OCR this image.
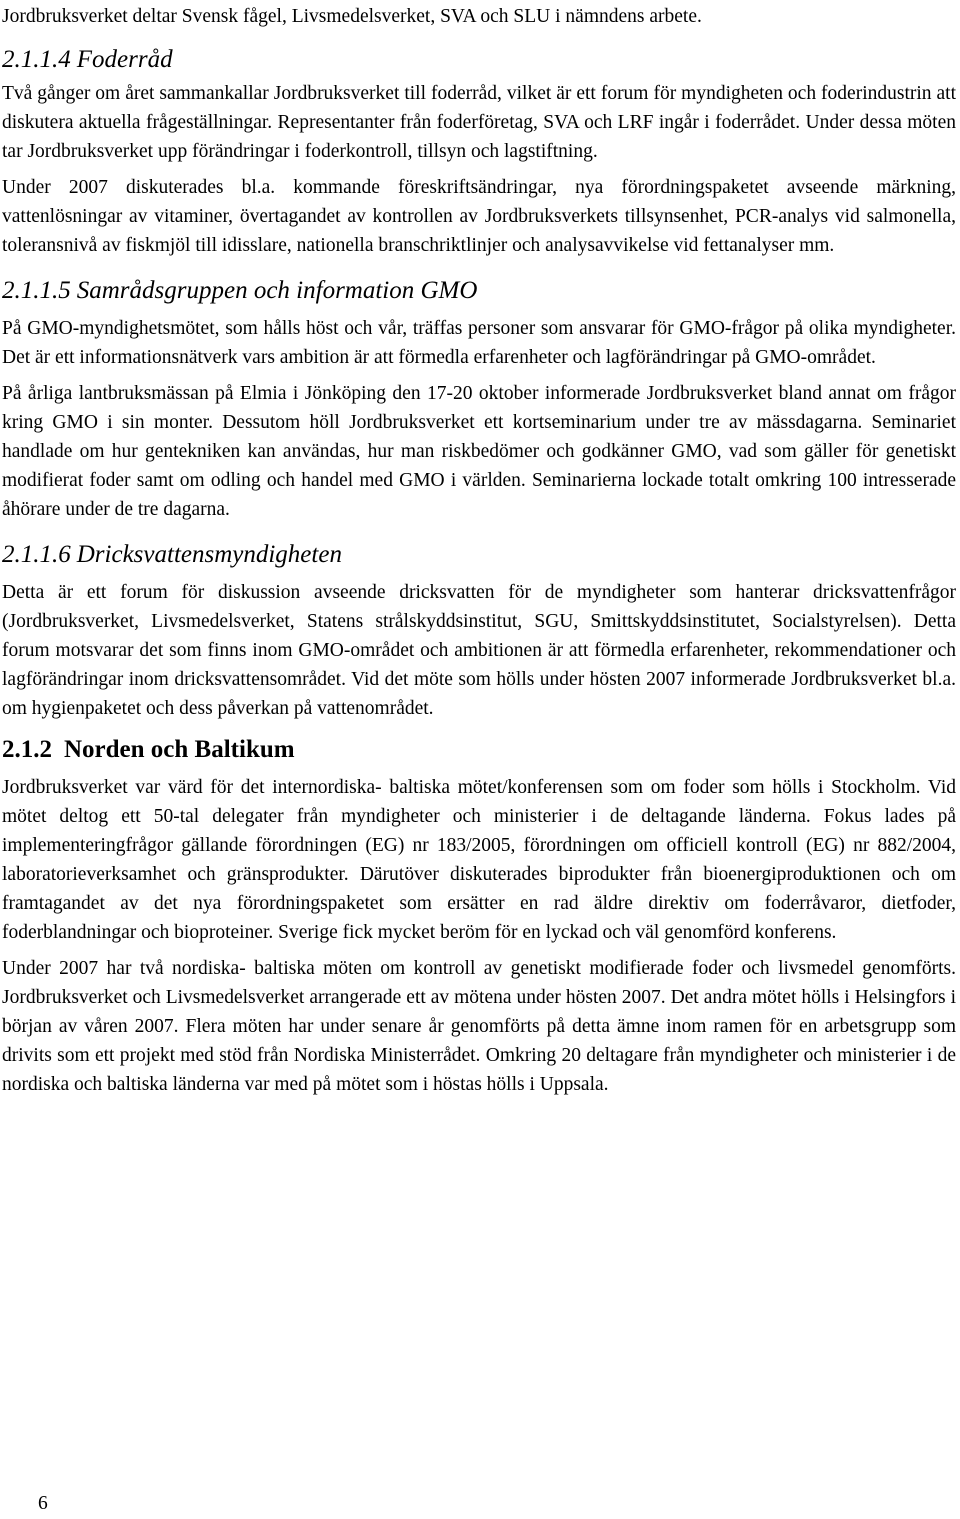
Jordbruksverket deltar Svensk fågel, Livsmedelsverket, SVA och SLU i nämndens arbete.

2.1.1.4 Foderråd

Två gånger om året sammankallar Jordbruksverket till foderråd, vilket är ett forum för myndigheten och foderindustrin att diskutera aktuella frågeställningar. Representanter från foderföretag, SVA och LRF ingår i foderrådet. Under dessa möten tar Jordbruksverket upp förändringar i foderkontroll, tillsyn och lagstiftning.

Under 2007 diskuterades bl.a. kommande föreskriftsändringar, nya förordningspaketet avseende märkning, vattenlösningar av vitaminer, övertagandet av kontrollen av Jordbruksverkets tillsynsenhet, PCR-analys vid salmonella, toleransnivå av fiskmjöl till idisslare, nationella branschriktlinjer och analysavvikelse vid fettanalyser mm.

2.1.1.5 Samrådsgruppen och information GMO

På GMO-myndighetsmötet, som hålls höst och vår, träffas personer som ansvarar för GMO-frågor på olika myndigheter. Det är ett informationsnätverk vars ambition är att förmedla erfarenheter och lagförändringar på GMO-området.

På årliga lantbruksmässan på Elmia i Jönköping den 17-20 oktober informerade Jordbruksverket bland annat om frågor kring GMO i sin monter. Dessutom höll Jordbruksverket ett kortseminarium under tre av mässdagarna. Seminariet handlade om hur gentekniken kan användas, hur man riskbedömer och godkänner GMO, vad som gäller för genetiskt modifierat foder samt om odling och handel med GMO i världen. Seminarierna lockade totalt omkring 100 intresserade åhörare under de tre dagarna.

2.1.1.6 Dricksvattensmyndigheten

Detta är ett forum för diskussion avseende dricksvatten för de myndigheter som hanterar dricksvattenfrågor (Jordbruksverket, Livsmedelsverket, Statens strålskyddsinstitut, SGU, Smittskyddsinstitutet, Socialstyrelsen). Detta forum motsvarar det som finns inom GMO-området och ambitionen är att förmedla erfarenheter, rekommendationer och lagförändringar inom dricksvattensområdet. Vid det möte som hölls under hösten 2007 informerade Jordbruksverket bl.a. om hygienpaketet och dess påverkan på vattenområdet.

2.1.2 Norden och Baltikum

Jordbruksverket var värd för det internordiska- baltiska mötet/konferensen som om foder som hölls i Stockholm. Vid mötet deltog ett 50-tal delegater från myndigheter och ministerier i de deltagande länderna. Fokus lades på implementeringfrågor gällande förordningen (EG) nr 183/2005, förordningen om officiell kontroll (EG) nr 882/2004, laboratorieverksamhet och gränsprodukter. Därutöver diskuterades biprodukter från bioenergiproduktionen och om framtagandet av det nya förordningspaketet som ersätter en rad äldre direktiv om foderråvaror, dietfoder, foderblandningar och bioproteiner. Sverige fick mycket beröm för en lyckad och väl genomförd konferens.

Under 2007 har två nordiska- baltiska möten om kontroll av genetiskt modifierade foder och livsmedel genomförts. Jordbruksverket och Livsmedelsverket arrangerade ett av mötena under hösten 2007. Det andra mötet hölls i Helsingfors i början av våren 2007. Flera möten har under senare år genomförts på detta ämne inom ramen för en arbetsgrupp som drivits som ett projekt med stöd från Nordiska Ministerrådet. Omkring 20 deltagare från myndigheter och ministerier i de nordiska och baltiska länderna var med på mötet som i höstas hölls i Uppsala.

6
